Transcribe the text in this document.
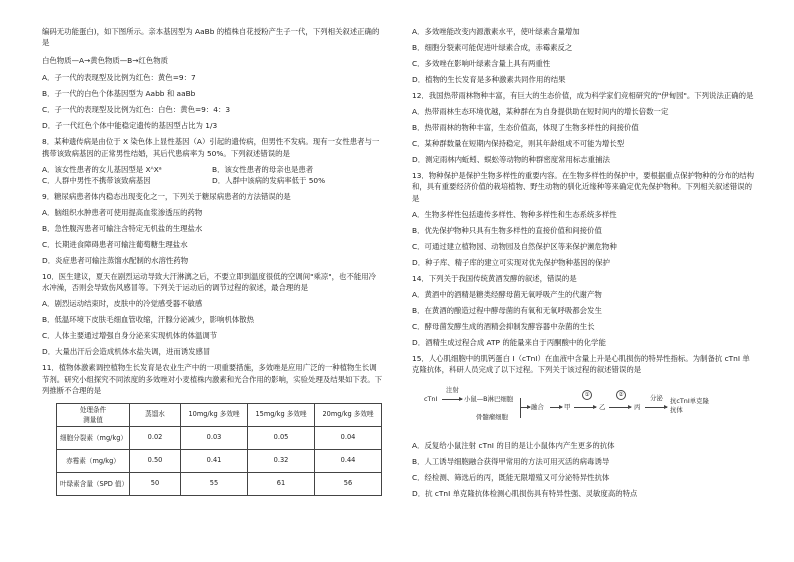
编码无功能蛋白)，如下图所示。亲本基因型为 AaBb 的植株自花授粉产生子一代，下列相关叙述正确的是

白色物质—A→黄色物质—B→红色物质

A．子一代的表现型及比例为红色：黄色=9：7

B．子一代的白色个体基因型为 Aabb 和 aaBb

C．子一代的表现型及比例为红色：白色：黄色=9：4：3

D．子一代红色个体中能稳定遗传的基因型占比为 1/3

8．某种遗传病是由位于 X 染色体上显性基因（A）引起的遗传病，但男性不发病。现有一女性患者与一携带该致病基因的正常男性结婚，其后代患病率为 50%。下列叙述错误的是

A．该女性患者的女儿基因型是 XᴬXᵃ	B．该女性患者的母亲也是患者
C．人群中男性不携带该致病基因	D．人群中该病的发病率低于 50%

9．糖尿病患者体内稳态出现变化之一，下列关于糖尿病患者的方法错误的是

A．脑组织水肿患者可使用提高血浆渗透压的药物

B．急性腹泻患者可输注含特定无机盐的生理盐水

C．长期进食障碍患者可输注葡萄糖生理盐水

D．炎症患者可输注蒸馏水配制的水溶性药物

10．医生建议，夏天在剧烈运动导致大汗淋漓之后，不要立即到温度很低的空调间"乘凉"，也不能用冷水冲澡，否则会导致伤风感冒等。下列关于运动后的调节过程的叙述，最合理的是

A．剧烈运动结束时，皮肤中的冷觉感受器不敏感

B．低温环境下皮肤毛细血管收缩，汗腺分泌减少，影响机体散热

C．人体主要通过增强自身分泌来实现机体的体温调节

D．大量出汗后会造成机体水盐失调，进而诱发感冒

11．植物体激素调控植物生长发育是农业生产中的一项重要措施，多效唑是应用广泛的一种植物生长调节剂。研究小组探究不同浓度的多效唑对小麦植株内激素和光合作用的影响，实验处理及结果如下表。下列推断不合理的是

处理条件
测量值	蒸馏水	10mg/kg 多效唑	15mg/kg 多效唑	20mg/kg 多效唑
细胞分裂素（mg/kg）	0.02	0.03	0.05	0.04
赤霉素（mg/kg）	0.50	0.41	0.32	0.44
叶绿素含量（SPD 值）	50	55	61	56

A．多效唑能改变内源激素水平，使叶绿素含量增加

B．细胞分裂素可能促进叶绿素合成，赤霉素反之

C．多效唑在影响叶绿素含量上具有两重性

D．植物的生长发育是多种激素共同作用的结果

12．我国热带雨林物种丰富，有巨大的生态价值，成为科学家们竞相研究的"伊甸园"。下列说法正确的是

A．热带雨林生态环境优越，某种群在为自身提供助在短时间内的增长倍数一定

B．热带雨林的物种丰富，生态价值高，体现了生物多样性的间接价值

C．某种群数量在短期内保持稳定，则其年龄组成不可能为增长型

D．测定雨林内蚯蚓、蜈蚣等动物的种群密度常用标志重捕法

13．物种保护是保护生物多样性的重要内容。在生物多样性的保护中，要根据重点保护物种的分布的结构和，具有重要经济价值的栽培植物、野生动物的驯化近缘种等来确定优先保护物种。下列相关叙述错误的是

A．生物多样性包括遗传多样性、物种多样性和生态系统多样性

B．优先保护物种只具有生物多样性的直接价值和间接价值

C．可通过建立植物园、动物园及自然保护区等来保护濒危物种

D．种子库、精子库的建立可实现对优先保护物种基因的保护

14．下列关于我国传统黄酒发酵的叙述，错误的是

A．黄酒中的酒精是糖类经酵母菌无氧呼吸产生的代谢产物

B．在黄酒的酿造过程中酵母菌的有氧和无氧呼吸都会发生

C．酵母菌发酵生成的酒精会抑制发酵容器中杂菌的生长

D．酒精生成过程合成 ATP 的能量来自于丙酮酸中的化学能

15．人心肌细胞中的肌钙蛋白 I（cTnI）在血液中含量上升是心肌损伤的特异性指标。为制备抗 cTnI 单克隆抗体，科研人员完成了以下过程。下列关于该过程的叙述错误的是

cTnI
注射
小鼠—B淋巴细胞
骨髓瘤细胞
融合	甲
①
乙
②
丙
分泌 抗cTnI单克隆抗体

A．反复给小鼠注射 cTnI 的目的是让小鼠体内产生更多的抗体

B．人工诱导细胞融合获得甲常用的方法可用灭活的病毒诱导

C．经检测、筛选后的丙，既能无限增殖又可分泌特异性抗体

D．抗 cTnI 单克隆抗体检测心肌损伤具有特异性强、灵敏度高的特点
